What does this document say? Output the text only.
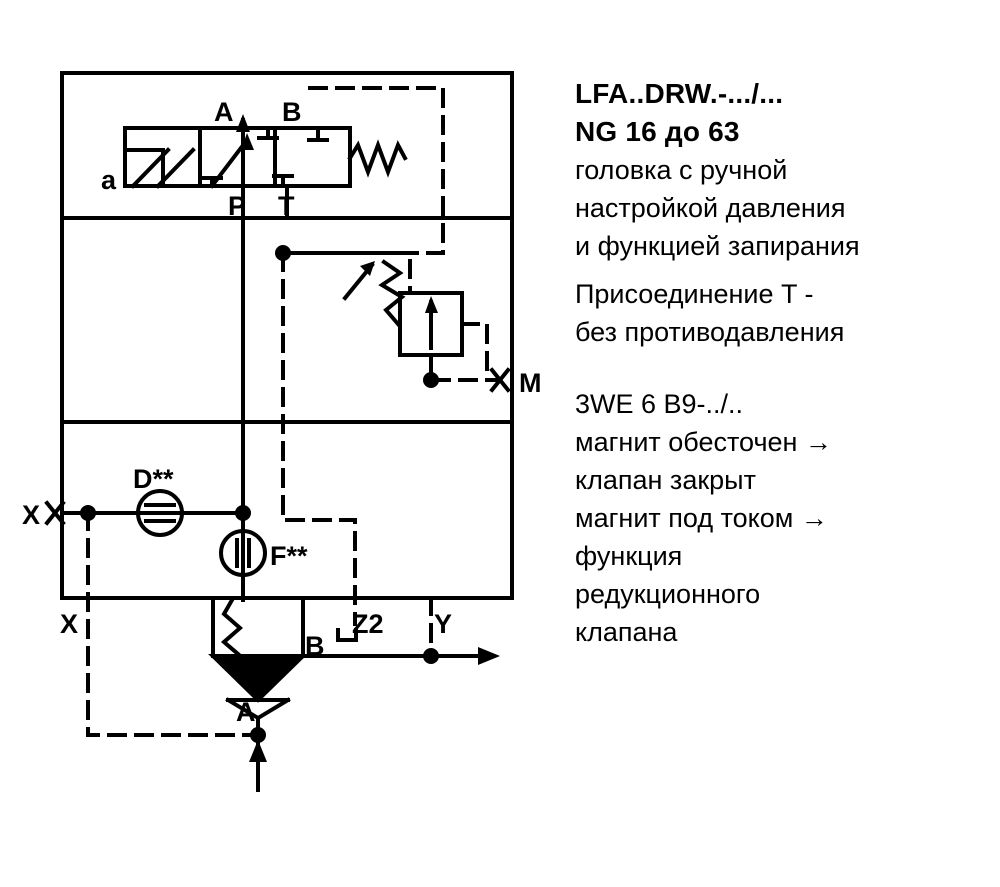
a
A B
P T
M
X
X
D**
F**
Z2 Y
B
A
LFA..DRW.-.../...
NG 16 до 63
головка с ручной
настройкой давления
и функцией запирания
Присоединение T -
без противодавления
3WE 6 B9-../..
магнит обесточен →
клапан закрыт
магнит под током →
функция
редукционного
клапана
